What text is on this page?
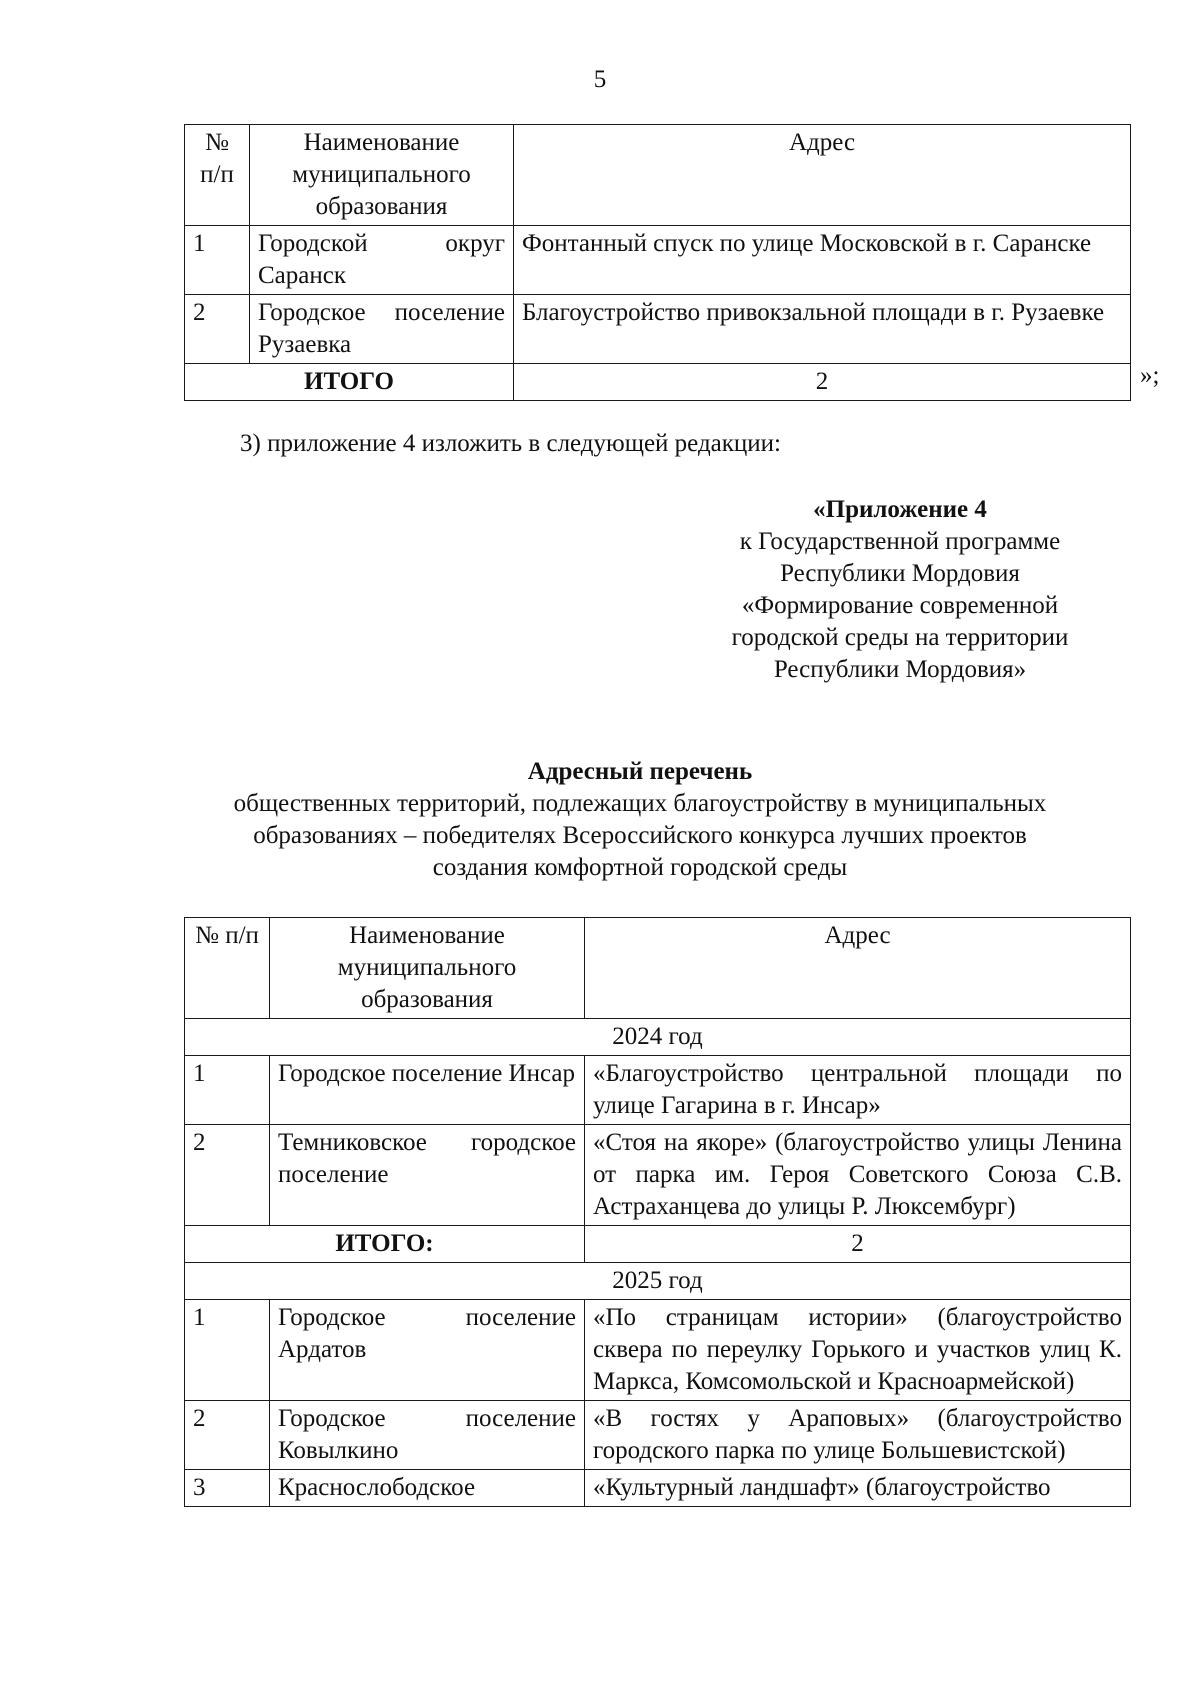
5
№ п/п	Наименование муниципального образования	Адрес
1	Городской округ Саранск	Фонтанный спуск по улице Московской в г. Саранске
2	Городское поселение Рузаевка	Благоустройство привокзальной площади в г. Рузаевке
ИТОГО		2	»;
3) приложение 4 изложить в следующей редакции:
«Приложение 4
к Государственной программе
Республики Мордовия
«Формирование современной
городской среды на территории
Республики Мордовия»
Адресный перечень
общественных территорий, подлежащих благоустройству в муниципальных
образованиях – победителях Всероссийского конкурса лучших проектов
создания комфортной городской среды
№ п/п	Наименование муниципального образования	Адрес
2024 год		
1	Городское поселение Инсар	«Благоустройство центральной площади по улице Гагарина в г. Инсар»
2	Темниковское городское поселение	«Стоя на якоре» (благоустройство улицы Ленина от парка им. Героя Советского Союза С.В. Астраханцева до улицы Р. Люксембург)
ИТОГО:		2
2025 год		
1	Городское поселение Ардатов	«По страницам истории» (благоустройство сквера по переулку Горького и участков улиц К. Маркса, Комсомольской и Красноармейской)
2	Городское поселение Ковылкино	«В гостях у Араповых» (благоустройство городского парка по улице Большевистской)
3	Краснослободское	«Культурный ландшафт» (благоустройство
